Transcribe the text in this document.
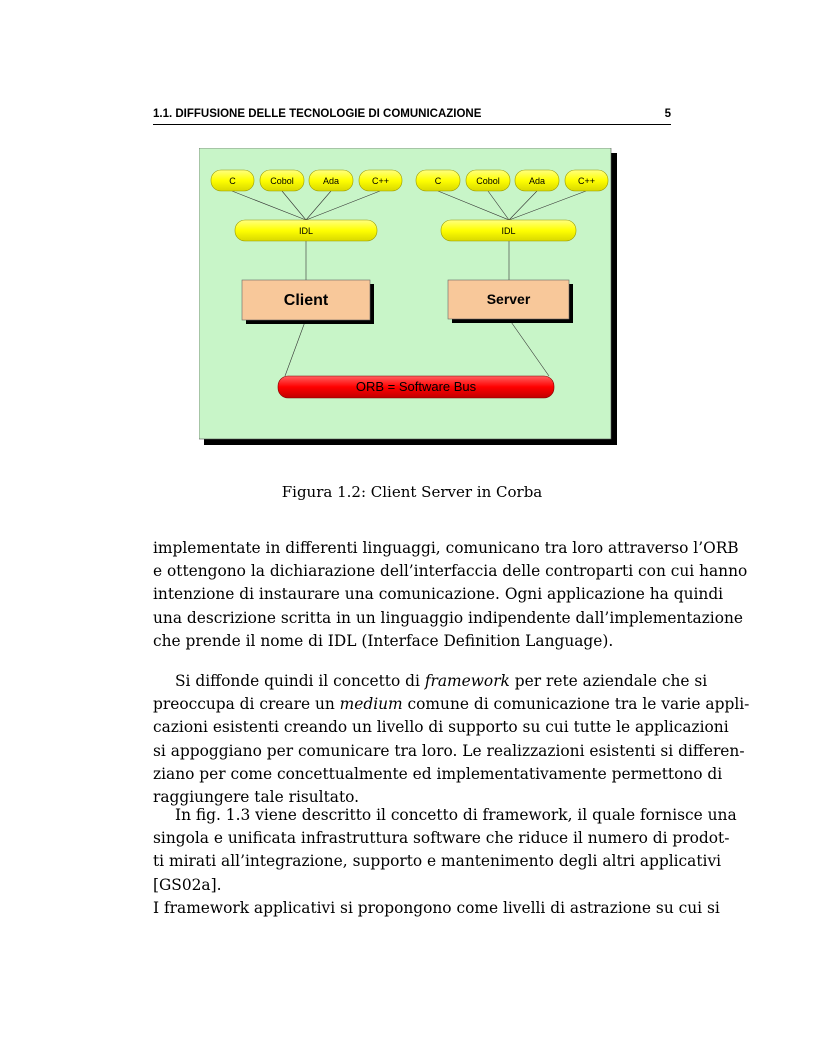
1.1. DIFFUSIONE DELLE TECNOLOGIE DI COMUNICAZIONE	5
C	Cobol	Ada	C++	C	Cobol	Ada	C++
IDL	IDL
Client	Server
ORB = Software Bus
Figura 1.2: Client Server in Corba
implementate in differenti linguaggi, comunicano tra loro attraverso l’ORB
e ottengono la dichiarazione dell’interfaccia delle controparti con cui hanno
intenzione di instaurare una comunicazione. Ogni applicazione ha quindi
una descrizione scritta in un linguaggio indipendente dall’implementazione
che prende il nome di IDL (Interface Definition Language).
Si diffonde quindi il concetto di framework per rete aziendale che si
preoccupa di creare un medium comune di comunicazione tra le varie appli-
cazioni esistenti creando un livello di supporto su cui tutte le applicazioni
si appoggiano per comunicare tra loro. Le realizzazioni esistenti si differen-
ziano per come concettualmente ed implementativamente permettono di
raggiungere tale risultato.
In fig. 1.3 viene descritto il concetto di framework, il quale fornisce una
singola e unificata infrastruttura software che riduce il numero di prodot-
ti mirati all’integrazione, supporto e mantenimento degli altri applicativi
[GS02a].
I framework applicativi si propongono come livelli di astrazione su cui si
